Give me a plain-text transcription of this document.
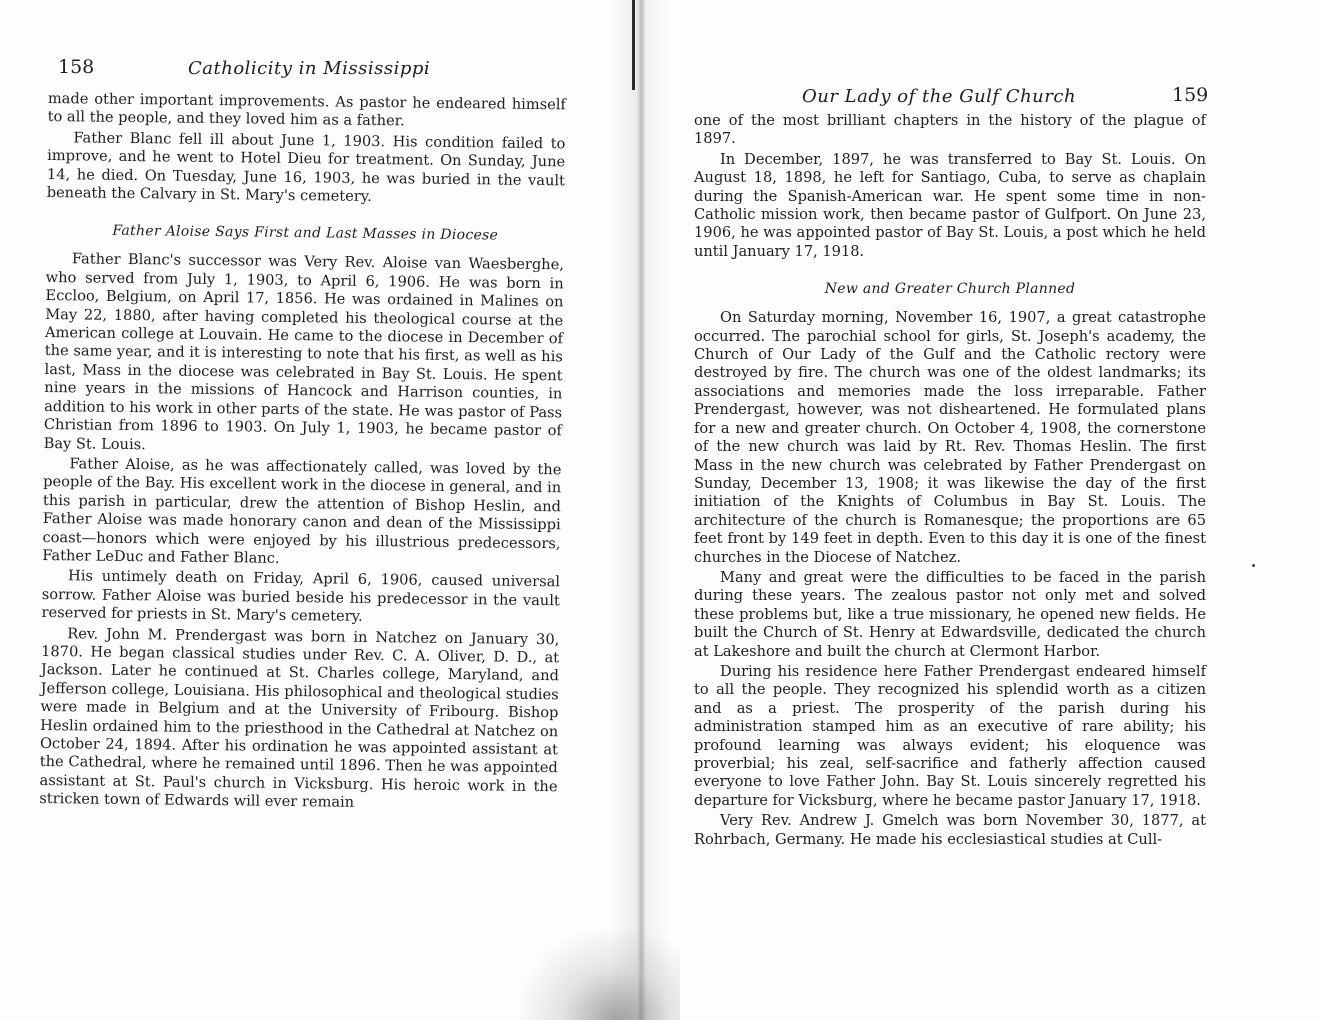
158	Catholicity in Mississippi

made other important improvements. As pastor he endeared himself to all the people, and they loved him as a father.

Father Blanc fell ill about June 1, 1903. His condition failed to improve, and he went to Hotel Dieu for treatment. On Sunday, June 14, he died. On Tuesday, June 16, 1903, he was buried in the vault beneath the Calvary in St. Mary's cemetery.

Father Aloise Says First and Last Masses in Diocese

Father Blanc's successor was Very Rev. Aloise van Waesberghe, who served from July 1, 1903, to April 6, 1906. He was born in Eccloo, Belgium, on April 17, 1856. He was ordained in Malines on May 22, 1880, after having completed his theological course at the American college at Louvain. He came to the diocese in December of the same year, and it is interesting to note that his first, as well as his last, Mass in the diocese was celebrated in Bay St. Louis. He spent nine years in the missions of Hancock and Harrison counties, in addition to his work in other parts of the state. He was pastor of Pass Christian from 1896 to 1903. On July 1, 1903, he became pastor of Bay St. Louis.

Father Aloise, as he was affectionately called, was loved by the people of the Bay. His excellent work in the diocese in general, and in this parish in particular, drew the attention of Bishop Heslin, and Father Aloise was made honorary canon and dean of the Mississippi coast—honors which were enjoyed by his illustrious predecessors, Father LeDuc and Father Blanc.

His untimely death on Friday, April 6, 1906, caused universal sorrow. Father Aloise was buried beside his predecessor in the vault reserved for priests in St. Mary's cemetery.

Rev. John M. Prendergast was born in Natchez on January 30, 1870. He began classical studies under Rev. C. A. Oliver, D. D., at Jackson. Later he continued at St. Charles college, Maryland, and Jefferson college, Louisiana. His philosophical and theological studies were made in Belgium and at the University of Fribourg. Bishop Heslin ordained him to the priesthood in the Cathedral at Natchez on October 24, 1894. After his ordination he was appointed assistant at the Cathedral, where he remained until 1896. Then he was appointed assistant at St. Paul's church in Vicksburg. His heroic work in the stricken town of Edwards will ever remain

Our Lady of the Gulf Church	159

one of the most brilliant chapters in the history of the plague of 1897.

In December, 1897, he was transferred to Bay St. Louis. On August 18, 1898, he left for Santiago, Cuba, to serve as chaplain during the Spanish-American war. He spent some time in non-Catholic mission work, then became pastor of Gulfport. On June 23, 1906, he was appointed pastor of Bay St. Louis, a post which he held until January 17, 1918.

New and Greater Church Planned

On Saturday morning, November 16, 1907, a great catastrophe occurred. The parochial school for girls, St. Joseph's academy, the Church of Our Lady of the Gulf and the Catholic rectory were destroyed by fire. The church was one of the oldest landmarks; its associations and memories made the loss irreparable. Father Prendergast, however, was not disheartened. He formulated plans for a new and greater church. On October 4, 1908, the cornerstone of the new church was laid by Rt. Rev. Thomas Heslin. The first Mass in the new church was celebrated by Father Prendergast on Sunday, December 13, 1908; it was likewise the day of the first initiation of the Knights of Columbus in Bay St. Louis. The architecture of the church is Romanesque; the proportions are 65 feet front by 149 feet in depth. Even to this day it is one of the finest churches in the Diocese of Natchez.

Many and great were the difficulties to be faced in the parish during these years. The zealous pastor not only met and solved these problems but, like a true missionary, he opened new fields. He built the Church of St. Henry at Edwardsville, dedicated the church at Lakeshore and built the church at Clermont Harbor.

During his residence here Father Prendergast endeared himself to all the people. They recognized his splendid worth as a citizen and as a priest. The prosperity of the parish during his administration stamped him as an executive of rare ability; his profound learning was always evident; his eloquence was proverbial; his zeal, self-sacrifice and fatherly affection caused everyone to love Father John. Bay St. Louis sincerely regretted his departure for Vicksburg, where he became pastor January 17, 1918.

Very Rev. Andrew J. Gmelch was born November 30, 1877, at Rohrbach, Germany. He made his ecclesiastical studies at Cull-
